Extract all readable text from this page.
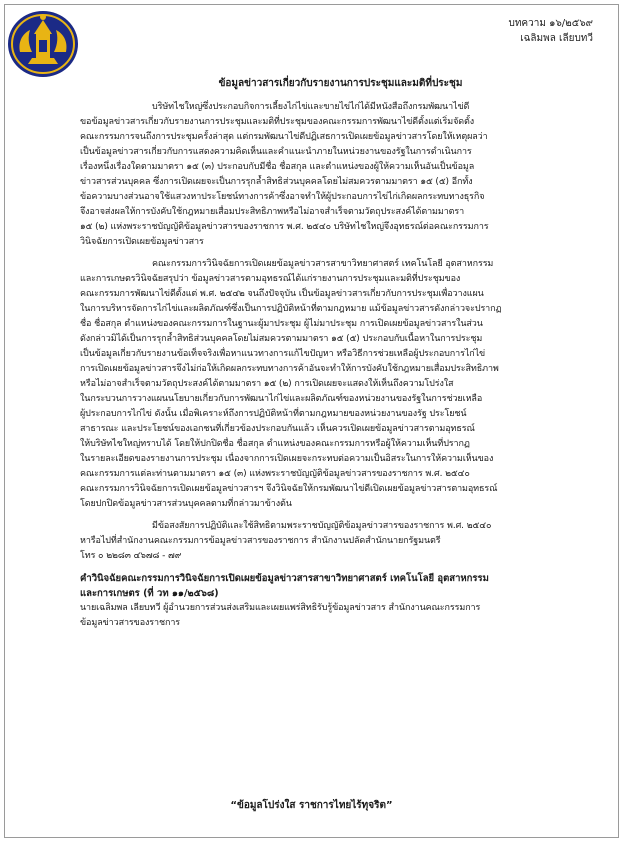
บทความ ๑๖/๒๕๖๙
เฉลิมพล เลียบทวี
ข้อมูลข่าวสารเกี่ยวกับรายงานการประชุมและมติที่ประชุม
บริษัทไชใหญ่ซึ่งประกอบกิจการเลี้ยงไก่ไข่และขายไข่ไก่ได้มีหนังสือถึงกรมพัฒนาไข่ดี
ขอข้อมูลข่าวสารเกี่ยวกับรายงานการประชุมและมติที่ประชุมของคณะกรรมการพัฒนาไข่ดีตั้งแต่เริ่มจัดตั้ง
คณะกรรมการจนถึงการประชุมครั้งล่าสุด แต่กรมพัฒนาไข่ดีปฏิเสธการเปิดเผยข้อมูลข่าวสารโดยให้เหตุผลว่า
เป็นข้อมูลข่าวสารเกี่ยวกับการแสดงความคิดเห็นและคำแนะนำภายในหน่วยงานของรัฐในการดำเนินการ
เรื่องหนึ่งเรื่องใดตามมาตรา ๑๕ (๓) ประกอบกับมีชื่อ ชื่อสกุล และตำแหน่งของผู้ให้ความเห็นอันเป็นข้อมูล
ข่าวสารส่วนบุคคล ซึ่งการเปิดเผยจะเป็นการรุกล้ำสิทธิส่วนบุคคลโดยไม่สมควรตามมาตรา ๑๕ (๕) อีกทั้ง
ข้อความบางส่วนอาจใช้แสวงหาประโยชน์ทางการค้าซึ่งอาจทำให้ผู้ประกอบการไข่ไก่เกิดผลกระทบทางธุรกิจ
จึงอาจส่งผลให้การบังคับใช้กฎหมายเสื่อมประสิทธิภาพหรือไม่อาจสำเร็จตามวัตถุประสงค์ได้ตามมาตรา
๑๕ (๒) แห่งพระราชบัญญัติข้อมูลข่าวสารของราชการ พ.ศ. ๒๕๔๐ บริษัทไชใหญ่จึงอุทธรณ์ต่อคณะกรรมการ
วินิจฉัยการเปิดเผยข้อมูลข่าวสาร
คณะกรรมการวินิจฉัยการเปิดเผยข้อมูลข่าวสารสาขาวิทยาศาสตร์ เทคโนโลยี อุตสาหกรรม
และการเกษตรวินิจฉัยสรุปว่า ข้อมูลข่าวสารตามอุทธรณ์ได้แก่รายงานการประชุมและมติที่ประชุมของ
คณะกรรมการพัฒนาไข่ดีตั้งแต่ พ.ศ. ๒๕๔๒ จนถึงปัจจุบัน เป็นข้อมูลข่าวสารเกี่ยวกับการประชุมเพื่อวางแผน
ในการบริหารจัดการไก่ไข่และผลิตภัณฑ์ซึ่งเป็นการปฏิบัติหน้าที่ตามกฎหมาย แม้ข้อมูลข่าวสารดังกล่าวจะปรากฏ
ชื่อ ชื่อสกุล ตำแหน่งของคณะกรรมการในฐานะผู้มาประชุม ผู้ไม่มาประชุม การเปิดเผยข้อมูลข่าวสารในส่วน
ดังกล่าวมิได้เป็นการรุกล้ำสิทธิส่วนบุคคลโดยไม่สมควรตามมาตรา ๑๕ (๕) ประกอบกับเนื้อหาในการประชุม
เป็นข้อมูลเกี่ยวกับรายงานข้อเท็จจริงเพื่อหาแนวทางการแก้ไขปัญหา หรือวิธีการช่วยเหลือผู้ประกอบการไก่ไข่
การเปิดเผยข้อมูลข่าวสารจึงไม่ก่อให้เกิดผลกระทบทางการค้าอันจะทำให้การบังคับใช้กฎหมายเสื่อมประสิทธิภาพ
หรือไม่อาจสำเร็จตามวัตถุประสงค์ได้ตามมาตรา ๑๕ (๒) การเปิดเผยจะแสดงให้เห็นถึงความโปร่งใส
ในกระบวนการวางแผนนโยบายเกี่ยวกับการพัฒนาไก่ไข่และผลิตภัณฑ์ของหน่วยงานของรัฐในการช่วยเหลือ
ผู้ประกอบการไก่ไข่ ดังนั้น เมื่อพิเคราะห์ถึงการปฏิบัติหน้าที่ตามกฎหมายของหน่วยงานของรัฐ ประโยชน์
สาธารณะ และประโยชน์ของเอกชนที่เกี่ยวข้องประกอบกันแล้ว เห็นควรเปิดเผยข้อมูลข่าวสารตามอุทธรณ์
ให้บริษัทไชใหญ่ทราบได้ โดยให้ปกปิดชื่อ ชื่อสกุล ตำแหน่งของคณะกรรมการหรือผู้ให้ความเห็นที่ปรากฏ
ในรายละเอียดของรายงานการประชุม เนื่องจากการเปิดเผยจะกระทบต่อความเป็นอิสระในการให้ความเห็นของ
คณะกรรมการแต่ละท่านตามมาตรา ๑๕ (๓) แห่งพระราชบัญญัติข้อมูลข่าวสารของราชการ พ.ศ. ๒๕๔๐
คณะกรรมการวินิจฉัยการเปิดเผยข้อมูลข่าวสารฯ จึงวินิจฉัยให้กรมพัฒนาไข่ดีเปิดเผยข้อมูลข่าวสารตามอุทธรณ์
โดยปกปิดข้อมูลข่าวสารส่วนบุคคลตามที่กล่าวมาข้างต้น
มีข้อสงสัยการปฏิบัติและใช้สิทธิตามพระราชบัญญัติข้อมูลข่าวสารของราชการ พ.ศ. ๒๕๔๐
หารือไปที่สำนักงานคณะกรรมการข้อมูลข่าวสารของราชการ สำนักงานปลัดสำนักนายกรัฐมนตรี
โทร ๐ ๒๒๘๓ ๔๖๗๘ - ๗๙
คำวินิจฉัยคณะกรรมการวินิจฉัยการเปิดเผยข้อมูลข่าวสารสาขาวิทยาศาสตร์ เทคโนโลยี อุตสาหกรรม
และการเกษตร (ที่ วท ๑๑/๒๕๖๘)
นายเฉลิมพล เลียบทวี ผู้อำนวยการส่วนส่งเสริมและเผยแพร่สิทธิรับรู้ข้อมูลข่าวสาร สำนักงานคณะกรรมการ
ข้อมูลข่าวสารของราชการ
“ข้อมูลโปร่งใส ราชการไทยไร้ทุจริต”
